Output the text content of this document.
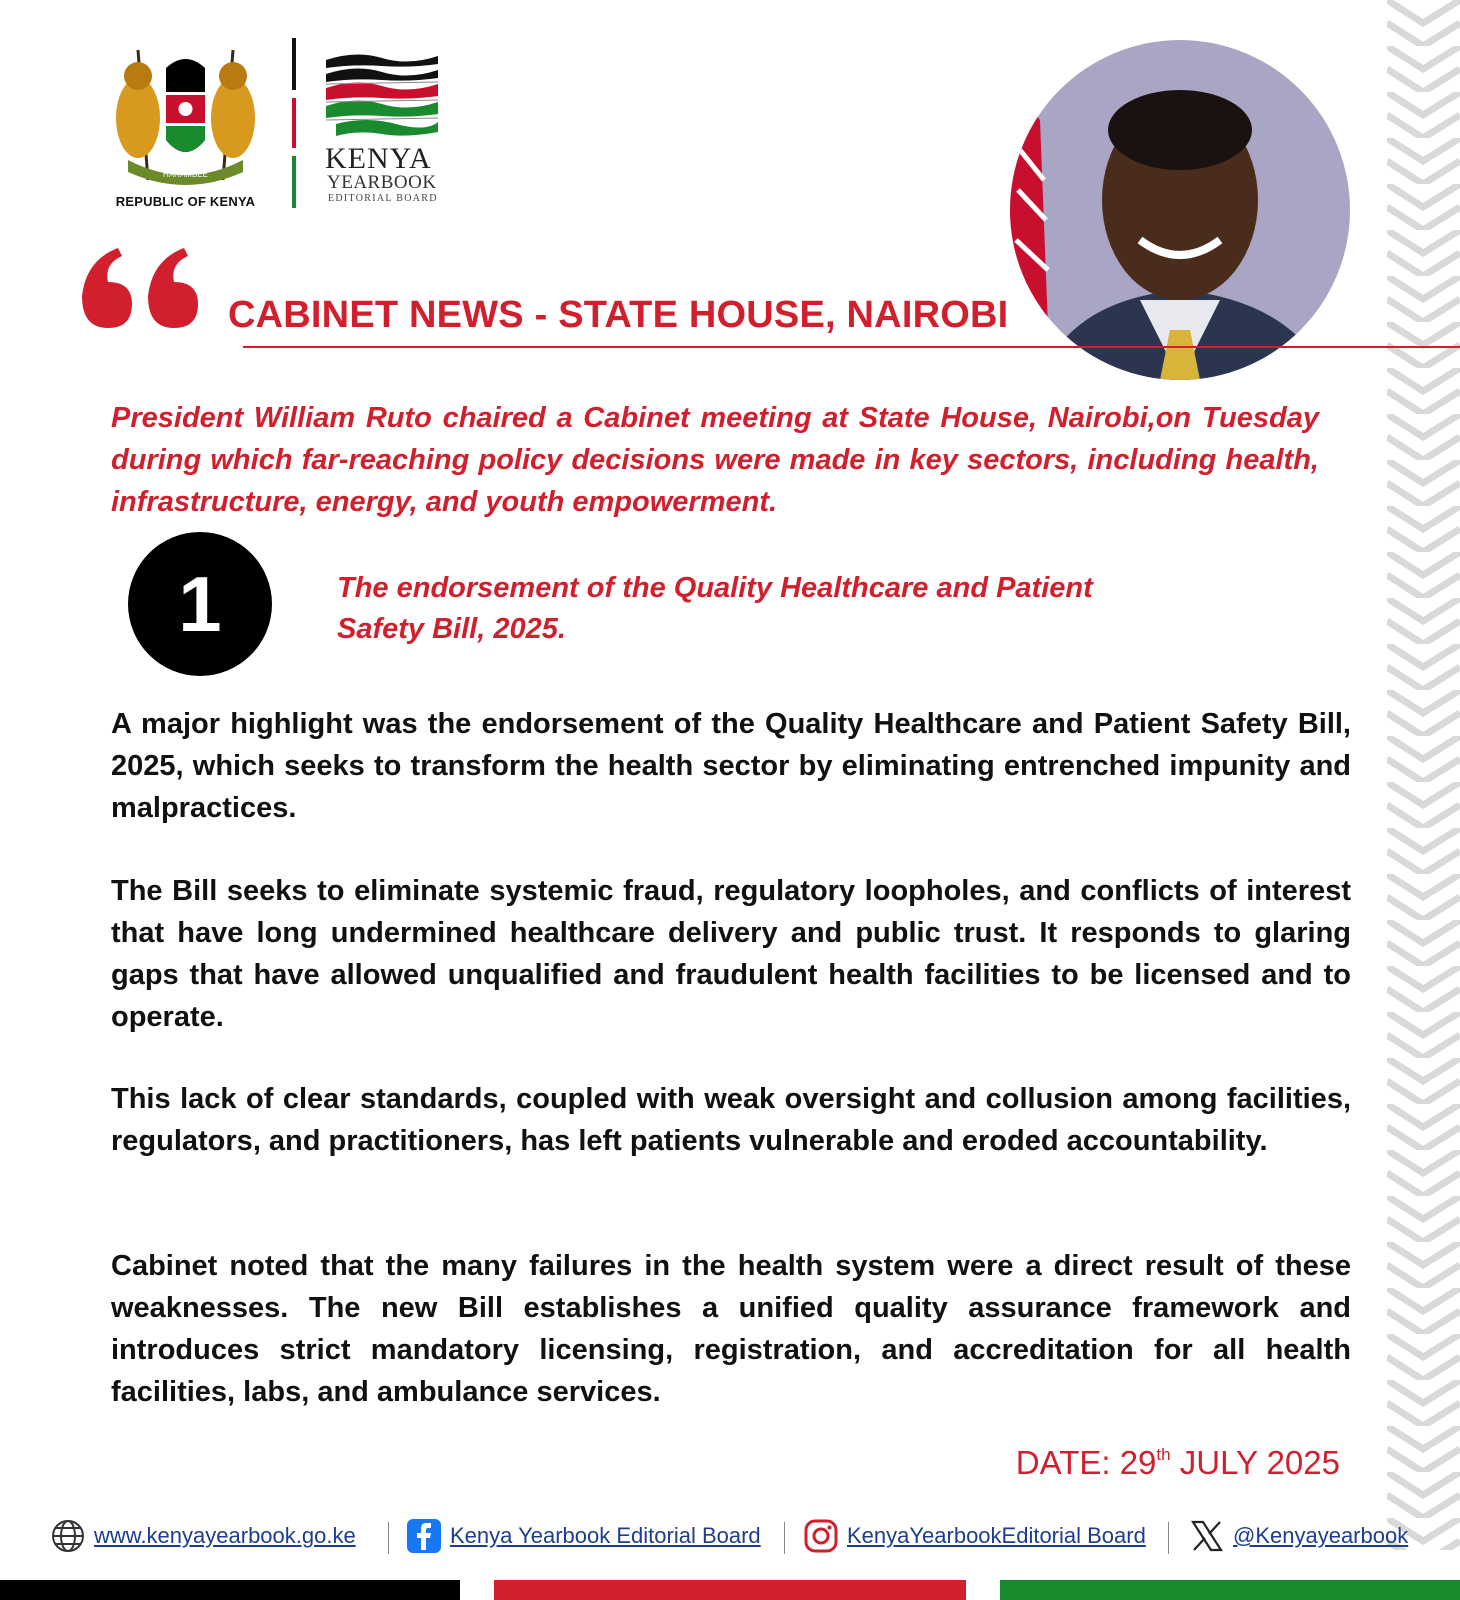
HARAMBEE
REPUBLIC OF KENYA
KENYA
YEARBOOK
EDITORIAL BOARD
CABINET NEWS - STATE HOUSE, NAIROBI

President William Ruto chaired a Cabinet meeting at State House, Nairobi,on Tuesday during which far-reaching policy decisions were made in key sectors, including health, infrastructure, energy, and youth empowerment.

1	The endorsement of the Quality Healthcare and Patient Safety Bill, 2025.

A major highlight was the endorsement of the Quality Healthcare and Patient Safety Bill, 2025, which seeks to transform the health sector by eliminating entrenched impunity and malpractices.

The Bill seeks to eliminate systemic fraud, regulatory loopholes, and conflicts of interest that have long undermined healthcare delivery and public trust. It responds to glaring gaps that have allowed unqualified and fraudulent health facilities to be licensed and to operate.

This lack of clear standards, coupled with weak oversight and collusion among facilities, regulators, and practitioners, has left patients vulnerable and eroded accountability.

Cabinet noted that the many failures in the health system were a direct result of these weaknesses. The new Bill establishes a unified quality assurance framework and introduces strict mandatory licensing, registration, and accreditation for all health facilities, labs, and ambulance services.

DATE: 29th JULY 2025
www.kenyayearbook.go.ke	Kenya Yearbook Editorial Board	KenyaYearbookEditorial Board	@Kenyayearbook
